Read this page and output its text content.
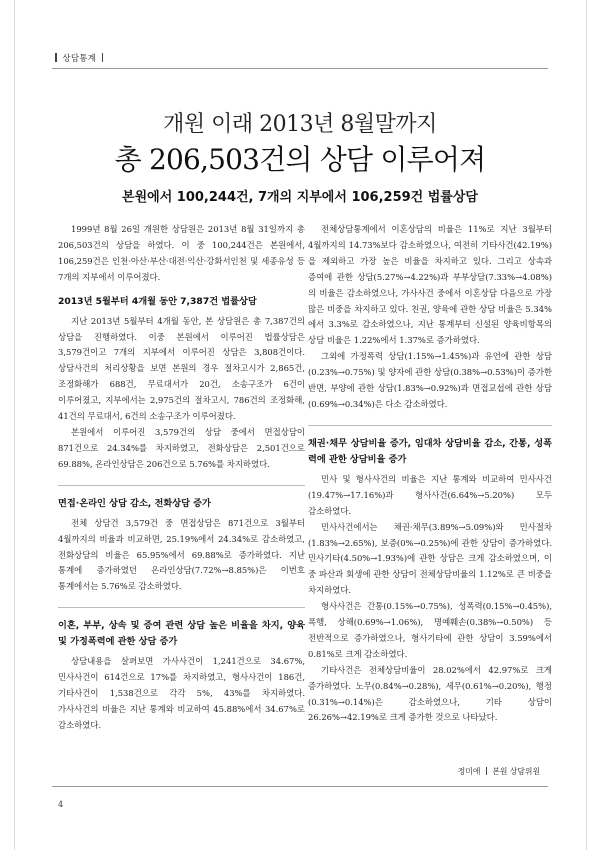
상담통계
개원 이래 2013년 8월말까지
총 206,503건의 상담 이루어져
본원에서 100,244건, 7개의 지부에서 106,259건 법률상담

1999년 8월 26일 개원한 상담원은 2013년 8월 31일까지 총 206,503건의 상담을 하였다. 이 중 100,244건은 본원에서, 106,259건은 인천·아산·부산·대전·익산·강화서인천 및 세종유성 등 7개의 지부에서 이루어졌다.

2013년 5월부터 4개월 동안 7,387건 법률상담

지난 2013년 5월부터 4개월 동안, 본 상담원은 총 7,387건의 상담을 진행하였다. 이중 본원에서 이루어진 법률상담은 3,579건이고 7개의 지부에서 이루어진 상담은 3,808건이다. 상담사건의 처리상황을 보면 본원의 경우 절차고시가 2,865건, 조정화해가 688건, 무료대서가 20건, 소송구조가 6건이 이루어졌고, 지부에서는 2,975건의 절차고시, 786건의 조정화해, 41건의 무료대서, 6건의 소송구조가 이루어졌다.

본원에서 이루어진 3,579건의 상담 중에서 면접상담이 871건으로 24.34%를 차지하였고, 전화상담은 2,501건으로 69.88%, 온라인상담은 206건으로 5.76%를 차지하였다.

면접·온라인 상담 감소, 전화상담 증가

전체 상담건 3,579건 중 면접상담은 871건으로 3월부터 4월까지의 비율과 비교하면, 25.19%에서 24.34%로 감소하였고, 전화상담의 비율은 65.95%에서 69.88%로 증가하였다. 지난 통계에 증가하였던 온라인상담(7.72%→8.85%)은 이번호 통계에서는 5.76%로 감소하였다.

이혼, 부부, 상속 및 증여 관련 상담 높은 비율을 차지, 양육 및 가정폭력에 관한 상담 증가

상담내용을 살펴보면 가사사건이 1,241건으로 34.67%, 민사사건이 614건으로 17%를 차지하였고, 형사사건이 186건, 기타사건이 1,538건으로 각각 5%, 43%를 차지하였다. 가사사건의 비율은 지난 통계와 비교하여 45.88%에서 34.67%로 감소하였다.

전체상담통계에서 이혼상담의 비율은 11%로 지난 3월부터 4월까지의 14.73%보다 감소하였으나, 여전히 기타사건(42.19%)을 제외하고 가장 높은 비율을 차지하고 있다. 그리고 상속과 증여에 관한 상담(5.27%→4.22%)과 부부상담(7.33%→4.08%)의 비율은 감소하였으나, 가사사건 중에서 이혼상담 다음으로 가장 많은 비중을 차지하고 있다. 친권, 양육에 관한 상담 비율은 5.34%에서 3.3%로 감소하였으나, 지난 통계부터 신설된 양육비항목의 상담 비율은 1.22%에서 1.37%로 증가하였다.

그외에 가정폭력 상담(1.15%→1.45%)과 유언에 관한 상담(0.23%→0.75%) 및 양자에 관한 상담(0.38%→0.53%)이 증가한 반면, 부양에 관한 상담(1.83%→0.92%)과 면접교섭에 관한 상담(0.69%→0.34%)은 다소 감소하였다.

채권·채무 상담비율 증가, 임대차 상담비율 감소, 간통, 성폭력에 관한 상담비율 증가

민사 및 형사사건의 비율은 지난 통계와 비교하여 민사사건(19.47%→17.16%)과 형사사건(6.64%→5.20%) 모두 감소하였다.

민사사건에서는 채권·채무(3.89%→5.09%)와 민사절차(1.83%→2.65%), 보증(0%→0.25%)에 관한 상담이 증가하였다. 민사기타(4.50%→1.93%)에 관한 상담은 크게 감소하였으며, 이 중 파산과 회생에 관한 상담이 전체상담비율의 1.12%로 큰 비중을 차지하였다.

형사사건은 간통(0.15%→0.75%), 성폭력(0.15%→0.45%), 폭행, 상해(0.69%→1.06%), 명예훼손(0.38%→0.50%) 등 전반적으로 증가하였으나, 형사기타에 관한 상담이 3.59%에서 0.81%로 크게 감소하였다.

기타사건은 전체상담비율이 28.02%에서 42.97%로 크게 증가하였다. 노무(0.84%→0.28%), 세무(0.61%→0.20%), 행정(0.31%→0.14%)은 감소하였으나, 기타 상담이 26.26%→42.19%로 크게 증가한 것으로 나타났다.

정미애 본원 상담위원
4
